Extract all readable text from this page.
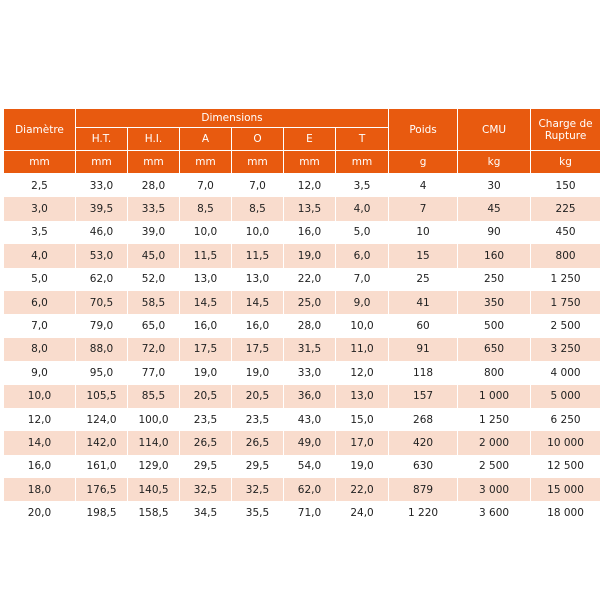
Diamètre	Dimensions						Poids	CMU	Charge de Rupture
	H.T.	H.I.	A	O	E	T			
mm	mm	mm	mm	mm	mm	mm	g	kg	kg
2,5	33,0	28,0	7,0	7,0	12,0	3,5	4	30	150
3,0	39,5	33,5	8,5	8,5	13,5	4,0	7	45	225
3,5	46,0	39,0	10,0	10,0	16,0	5,0	10	90	450
4,0	53,0	45,0	11,5	11,5	19,0	6,0	15	160	800
5,0	62,0	52,0	13,0	13,0	22,0	7,0	25	250	1 250
6,0	70,5	58,5	14,5	14,5	25,0	9,0	41	350	1 750
7,0	79,0	65,0	16,0	16,0	28,0	10,0	60	500	2 500
8,0	88,0	72,0	17,5	17,5	31,5	11,0	91	650	3 250
9,0	95,0	77,0	19,0	19,0	33,0	12,0	118	800	4 000
10,0	105,5	85,5	20,5	20,5	36,0	13,0	157	1 000	5 000
12,0	124,0	100,0	23,5	23,5	43,0	15,0	268	1 250	6 250
14,0	142,0	114,0	26,5	26,5	49,0	17,0	420	2 000	10 000
16,0	161,0	129,0	29,5	29,5	54,0	19,0	630	2 500	12 500
18,0	176,5	140,5	32,5	32,5	62,0	22,0	879	3 000	15 000
20,0	198,5	158,5	34,5	35,5	71,0	24,0	1 220	3 600	18 000
